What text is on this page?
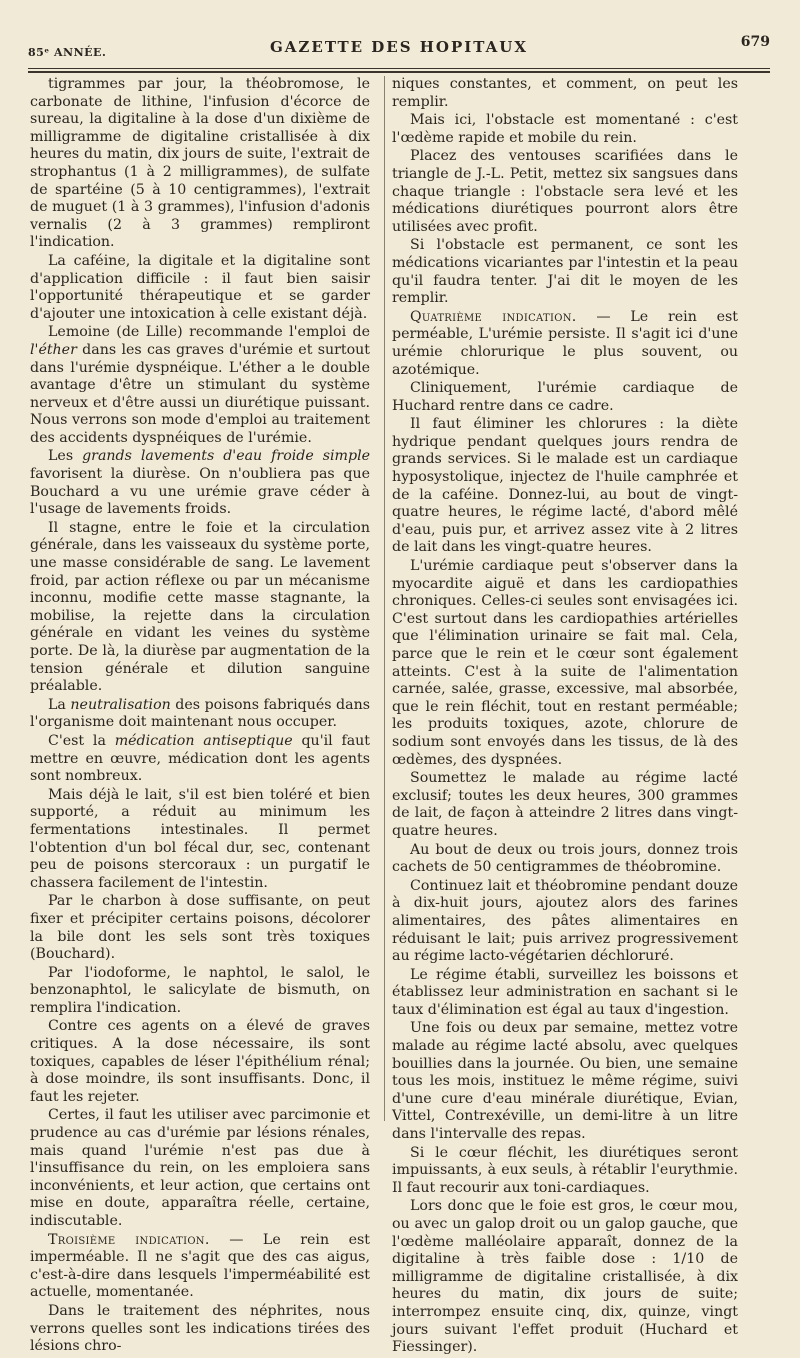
85ᵉ ANNÉE.	GAZETTE DES HOPITAUX	679

tigrammes par jour, la théobromose, le carbonate de lithine, l'infusion d'écorce de sureau, la digitaline à la dose d'un dixième de milligramme de digitaline cristallisée à dix heures du matin, dix jours de suite, l'extrait de strophantus (1 à 2 milligrammes), de sulfate de spartéine (5 à 10 centigrammes), l'extrait de muguet (1 à 3 grammes), l'infusion d'adonis vernalis (2 à 3 grammes) rempliront l'indication.

La caféine, la digitale et la digitaline sont d'application difficile : il faut bien saisir l'opportunité thérapeutique et se garder d'ajouter une intoxication à celle existant déjà.

Lemoine (de Lille) recommande l'emploi de l'éther dans les cas graves d'urémie et surtout dans l'urémie dyspnéique. L'éther a le double avantage d'être un stimulant du système nerveux et d'être aussi un diurétique puissant. Nous verrons son mode d'emploi au traitement des accidents dyspnéiques de l'urémie.

Les grands lavements d'eau froide simple favorisent la diurèse. On n'oubliera pas que Bouchard a vu une urémie grave céder à l'usage de lavements froids.

Il stagne, entre le foie et la circulation générale, dans les vaisseaux du système porte, une masse considérable de sang. Le lavement froid, par action réflexe ou par un mécanisme inconnu, modifie cette masse stagnante, la mobilise, la rejette dans la circulation générale en vidant les veines du système porte. De là, la diurèse par augmentation de la tension générale et dilution sanguine préalable.

La neutralisation des poisons fabriqués dans l'organisme doit maintenant nous occuper.

C'est la médication antiseptique qu'il faut mettre en œuvre, médication dont les agents sont nombreux.

Mais déjà le lait, s'il est bien toléré et bien supporté, a réduit au minimum les fermentations intestinales. Il permet l'obtention d'un bol fécal dur, sec, contenant peu de poisons stercoraux : un purgatif le chassera facilement de l'intestin.

Par le charbon à dose suffisante, on peut fixer et précipiter certains poisons, décolorer la bile dont les sels sont très toxiques (Bouchard).

Par l'iodoforme, le naphtol, le salol, le benzonaphtol, le salicylate de bismuth, on remplira l'indication.

Contre ces agents on a élevé de graves critiques. A la dose nécessaire, ils sont toxiques, capables de léser l'épithélium rénal; à dose moindre, ils sont insuffisants. Donc, il faut les rejeter.

Certes, il faut les utiliser avec parcimonie et prudence au cas d'urémie par lésions rénales, mais quand l'urémie n'est pas due à l'insuffisance du rein, on les emploiera sans inconvénients, et leur action, que certains ont mise en doute, apparaîtra réelle, certaine, indiscutable.

Troisième indication. — Le rein est imperméable. Il ne s'agit que des cas aigus, c'est-à-dire dans lesquels l'imperméabilité est actuelle, momentanée.

Dans le traitement des néphrites, nous verrons quelles sont les indications tirées des lésions chro-

niques constantes, et comment, on peut les remplir.

Mais ici, l'obstacle est momentané : c'est l'œdème rapide et mobile du rein.

Placez des ventouses scarifiées dans le triangle de J.-L. Petit, mettez six sangsues dans chaque triangle : l'obstacle sera levé et les médications diurétiques pourront alors être utilisées avec profit.

Si l'obstacle est permanent, ce sont les médications vicariantes par l'intestin et la peau qu'il faudra tenter. J'ai dit le moyen de les remplir.

Quatrième indication. — Le rein est perméable, L'urémie persiste. Il s'agit ici d'une urémie chlorurique le plus souvent, ou azotémique.

Cliniquement, l'urémie cardiaque de Huchard rentre dans ce cadre.

Il faut éliminer les chlorures : la diète hydrique pendant quelques jours rendra de grands services. Si le malade est un cardiaque hyposystolique, injectez de l'huile camphrée et de la caféine. Donnez-lui, au bout de vingt-quatre heures, le régime lacté, d'abord mêlé d'eau, puis pur, et arrivez assez vite à 2 litres de lait dans les vingt-quatre heures.

L'urémie cardiaque peut s'observer dans la myocardite aiguë et dans les cardiopathies chroniques. Celles-ci seules sont envisagées ici. C'est surtout dans les cardiopathies artérielles que l'élimination urinaire se fait mal. Cela, parce que le rein et le cœur sont également atteints. C'est à la suite de l'alimentation carnée, salée, grasse, excessive, mal absorbée, que le rein fléchit, tout en restant perméable; les produits toxiques, azote, chlorure de sodium sont envoyés dans les tissus, de là des œdèmes, des dyspnées.

Soumettez le malade au régime lacté exclusif; toutes les deux heures, 300 grammes de lait, de façon à atteindre 2 litres dans vingt-quatre heures.

Au bout de deux ou trois jours, donnez trois cachets de 50 centigrammes de théobromine.

Continuez lait et théobromine pendant douze à dix-huit jours, ajoutez alors des farines alimentaires, des pâtes alimentaires en réduisant le lait; puis arrivez progressivement au régime lacto-végétarien déchloruré.

Le régime établi, surveillez les boissons et établissez leur administration en sachant si le taux d'élimination est égal au taux d'ingestion.

Une fois ou deux par semaine, mettez votre malade au régime lacté absolu, avec quelques bouillies dans la journée. Ou bien, une semaine tous les mois, instituez le même régime, suivi d'une cure d'eau minérale diurétique, Evian, Vittel, Contrexéville, un demi-litre à un litre dans l'intervalle des repas.

Si le cœur fléchit, les diurétiques seront impuissants, à eux seuls, à rétablir l'eurythmie. Il faut recourir aux toni-cardiaques.

Lors donc que le foie est gros, le cœur mou, ou avec un galop droit ou un galop gauche, que l'œdème malléolaire apparaît, donnez de la digitaline à très faible dose : 1/10 de milligramme de digitaline cristallisée, à dix heures du matin, dix jours de suite; interrompez ensuite cinq, dix, quinze, vingt jours suivant l'effet produit (Huchard et Fiessinger).
